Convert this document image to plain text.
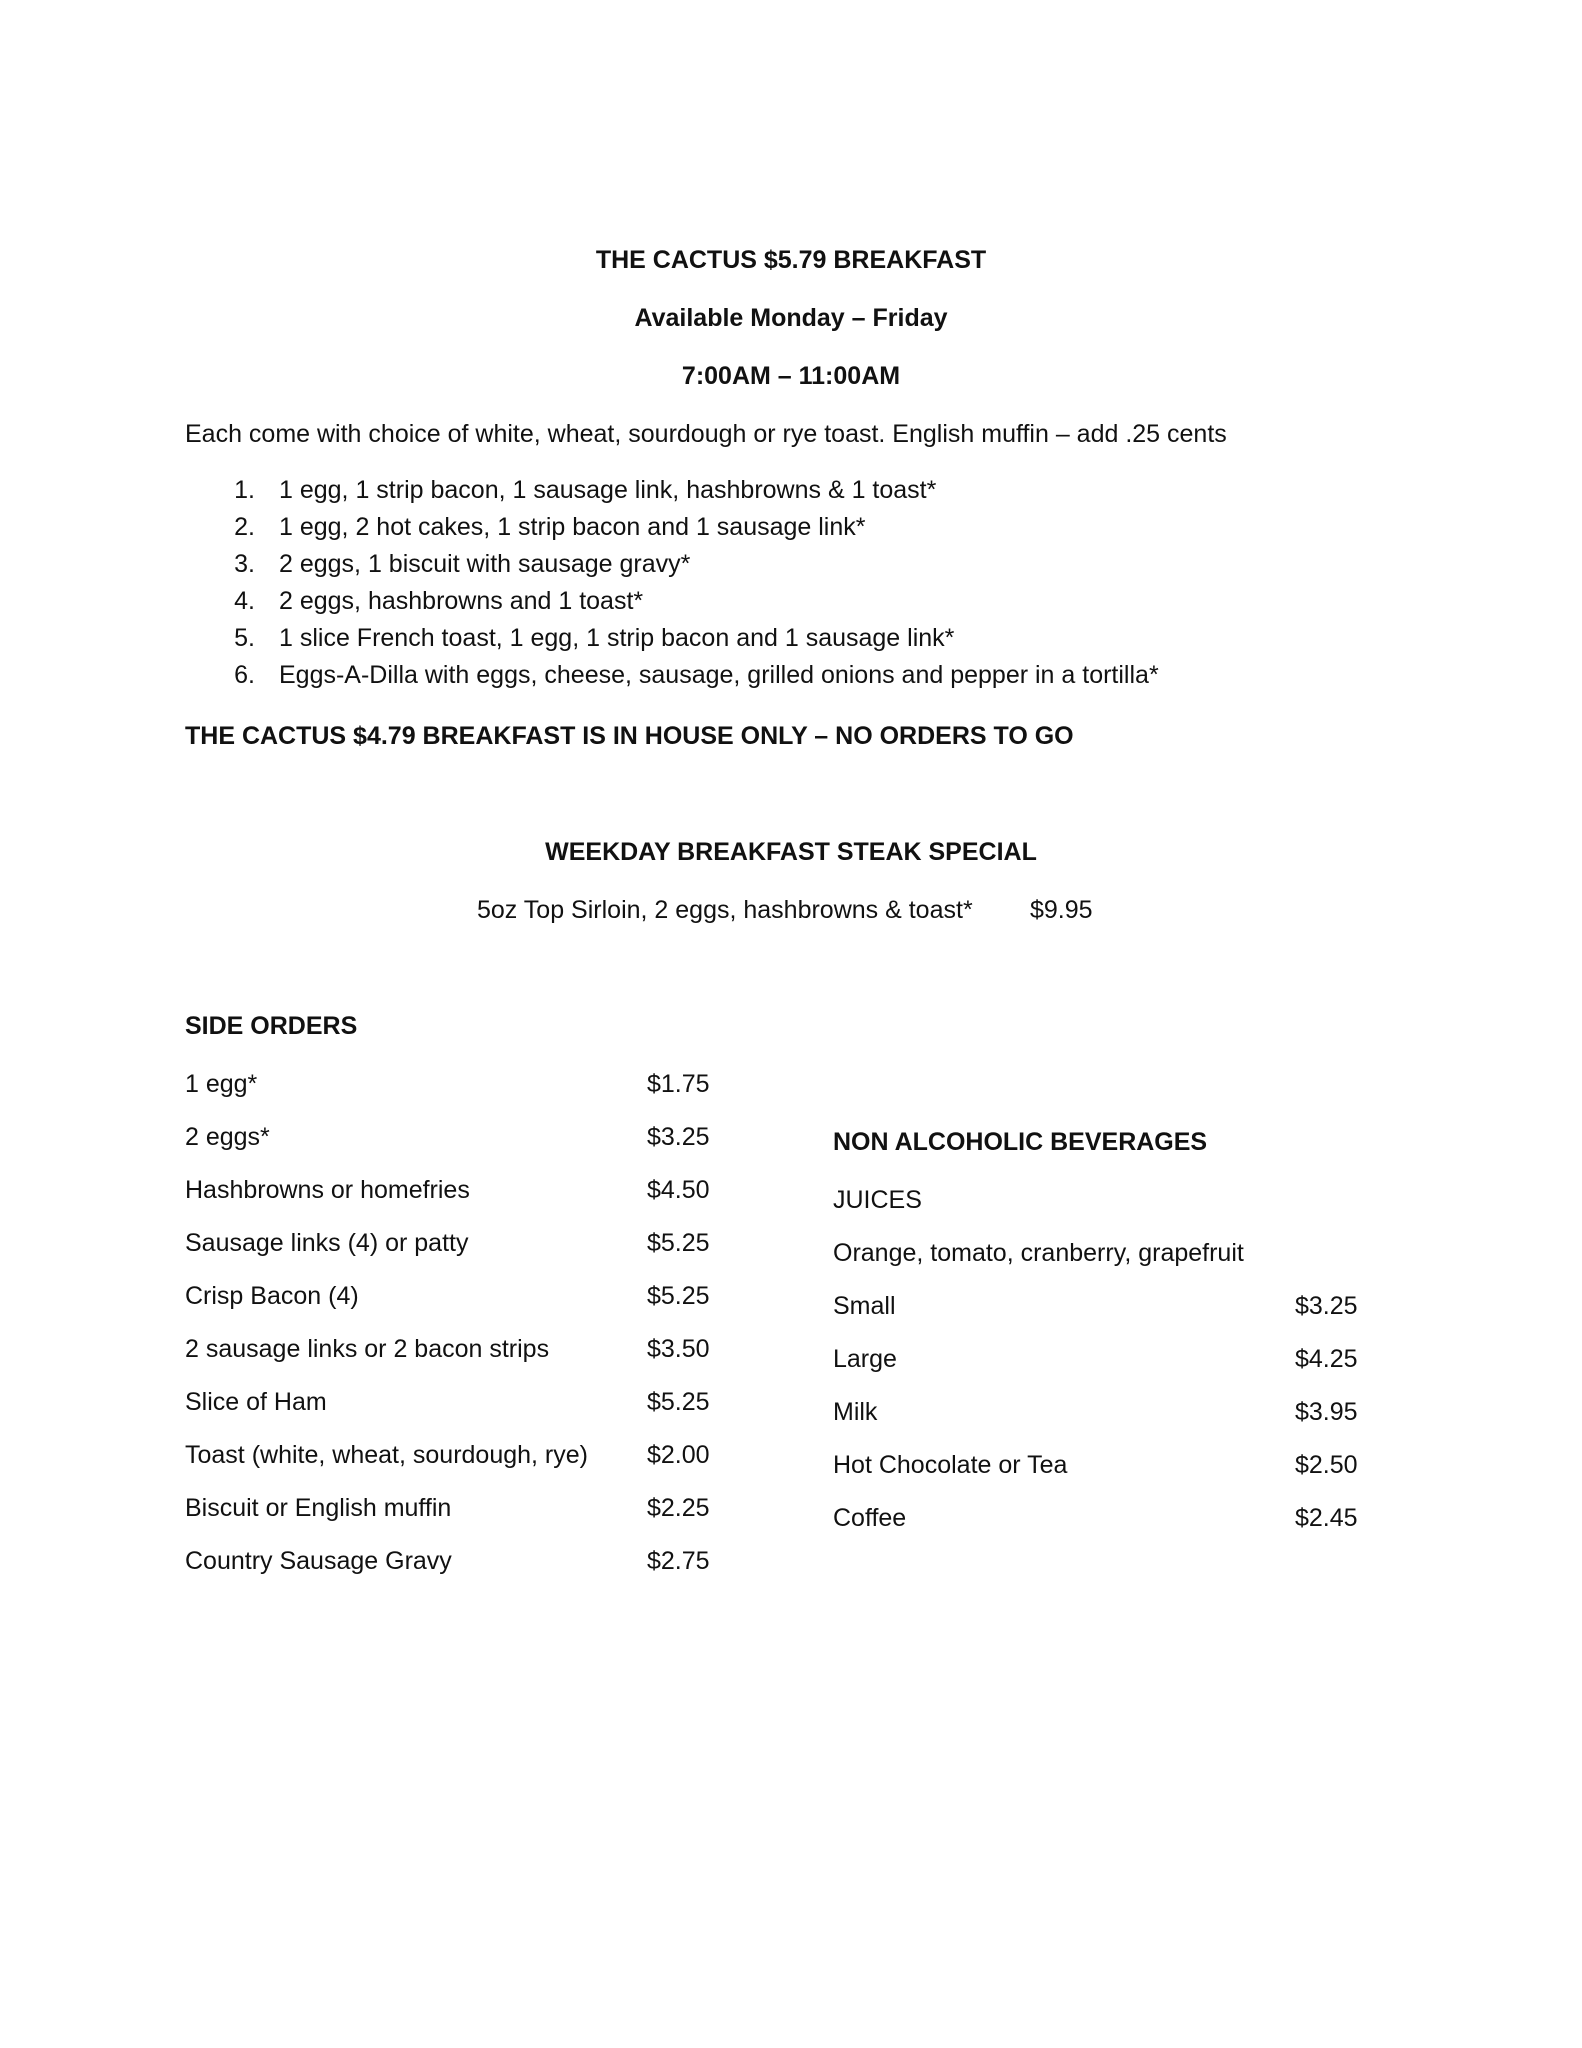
THE CACTUS $5.79 BREAKFAST
Available Monday – Friday
7:00AM – 11:00AM
Each come with choice of white, wheat, sourdough or rye toast. English muffin – add .25 cents
1. 1 egg, 1 strip bacon, 1 sausage link, hashbrowns & 1 toast*
2. 1 egg, 2 hot cakes, 1 strip bacon and 1 sausage link*
3. 2 eggs, 1 biscuit with sausage gravy*
4. 2 eggs, hashbrowns and 1 toast*
5. 1 slice French toast, 1 egg, 1 strip bacon and 1 sausage link*
6. Eggs-A-Dilla with eggs, cheese, sausage, grilled onions and pepper in a tortilla*
THE CACTUS $4.79 BREAKFAST IS IN HOUSE ONLY – NO ORDERS TO GO
WEEKDAY BREAKFAST STEAK SPECIAL
5oz Top Sirloin, 2 eggs, hashbrowns & toast* $9.95
SIDE ORDERS
1 egg*	$1.75
2 eggs*	$3.25
Hashbrowns or homefries	$4.50
Sausage links (4) or patty	$5.25
Crisp Bacon (4)	$5.25
2 sausage links or 2 bacon strips	$3.50
Slice of Ham	$5.25
Toast (white, wheat, sourdough, rye) $2.00
Biscuit or English muffin	$2.25
Country Sausage Gravy	$2.75
NON ALCOHOLIC BEVERAGES
JUICES
Orange, tomato, cranberry, grapefruit
Small	$3.25
Large	$4.25
Milk	$3.95
Hot Chocolate or Tea	$2.50
Coffee	$2.45
